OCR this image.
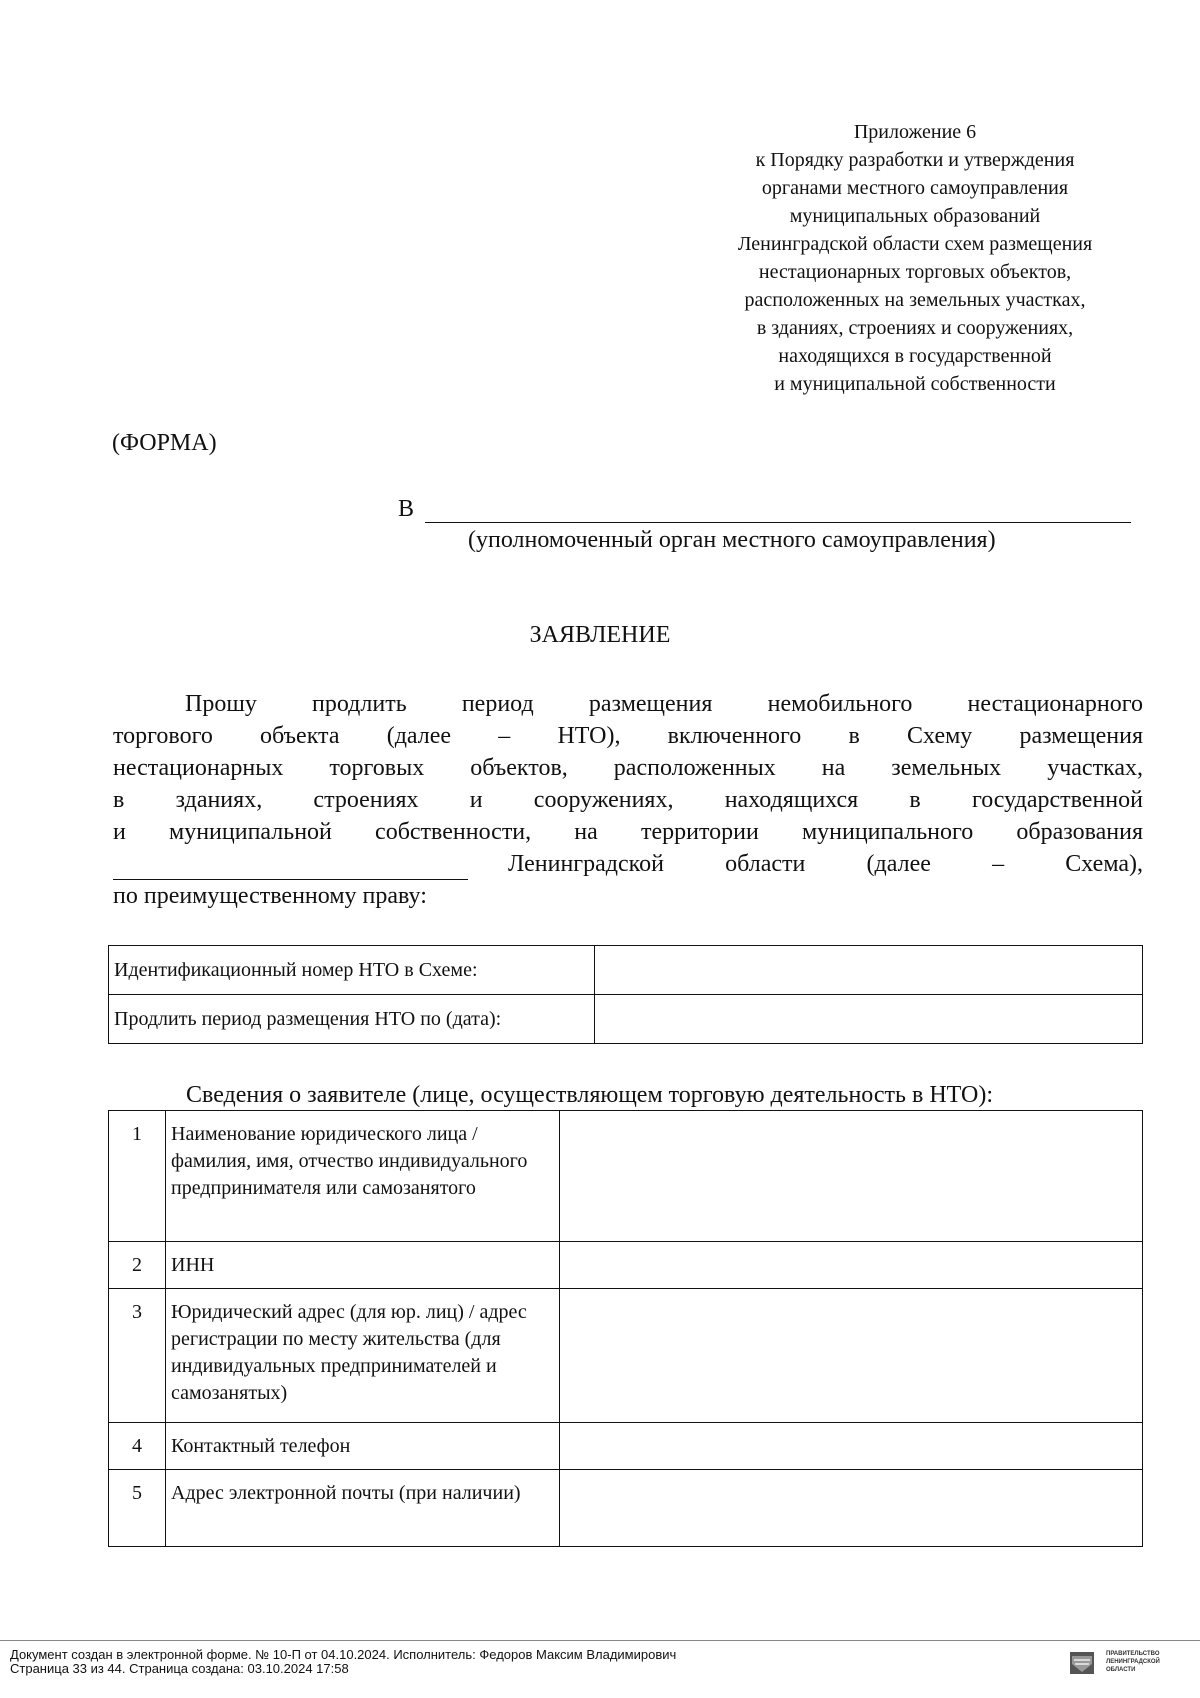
Приложение 6
к Порядку разработки и утверждения
органами местного самоуправления
муниципальных образований
Ленинградской области схем размещения
нестационарных торговых объектов,
расположенных на земельных участках,
в зданиях, строениях и сооружениях,
находящихся в государственной
и муниципальной собственности
(ФОРМА)
В
(уполномоченный орган местного самоуправления)
ЗАЯВЛЕНИЕ
Прошу продлить период размещения немобильного нестационарного
торгового объекта (далее – НТО), включенного в Схему размещения
нестационарных торговых объектов, расположенных на земельных участках,
в зданиях, строениях и сооружениях, находящихся в государственной
и муниципальной собственности, на территории муниципального образования
Ленинградской области (далее – Схема),
по преимущественному праву:
Идентификационный номер НТО в Схеме:	
Продлить период размещения НТО по (дата):	
Сведения о заявителе (лице, осуществляющем торговую деятельность в НТО):
1	Наименование юридического лица / фамилия, имя, отчество индивидуального предпринимателя или самозанятого	
2	ИНН	
3	Юридический адрес (для юр. лиц) / адрес регистрации по месту жительства (для индивидуальных предпринимателей и самозанятых)	
4	Контактный телефон	
5	Адрес электронной почты (при наличии)	
Документ создан в электронной форме. № 10-П от 04.10.2024. Исполнитель: Федоров Максим Владимирович
Страница 33 из 44. Страница создана: 03.10.2024 17:58
ПРАВИТЕЛЬСТВО
ЛЕНИНГРАДСКОЙ
ОБЛАСТИ
